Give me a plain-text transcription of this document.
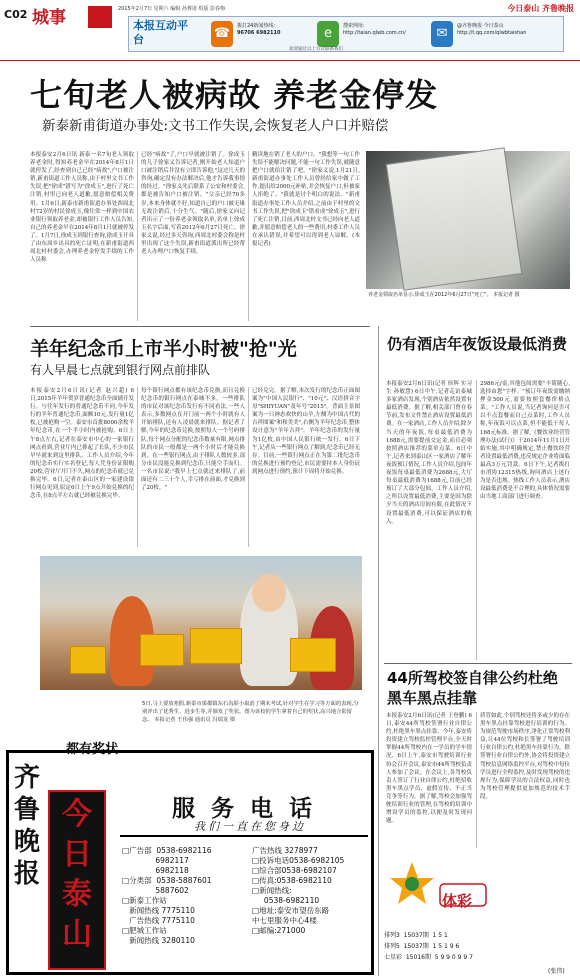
C02 城事	2015年2月7日 星期六 编辑 孙赛诸 组版 彭春梅	今日泰山 齐鲁晚报
本报互动平台	☎	拨打24新闻热线:
96706 6982110	e	搜索网址:
http://taian.qlwb.com.cn/	✉	@齐鲁晚报·今日泰山
http://t.qq.com/qlwbtaishan
欢迎通过以上方式联系我们
七旬老人被病故 养老金停发
新泰新甫街道办事处:文书工作失误,会恢复老人户口并赔偿
本报泰安2月6日讯 新泰一名7旬老人领取养老金时,得知养老金早在2014年8月1日就停发了,经查到自己已经"病故",户口被注销,新甫街道工作人员称,由于村里文书工作失误,把"徐成"错写为"徐成玉",进行了死亡注销,村里已向老人道歉,愿意赔偿相关费用。1月6日,新泰市新甫街道办事处西周北村72岁的村民徐成玉,像往常一样到中国农业银行领取养老金,却被银行工作人员告知,自己的养老金早在2014年8月1日就被停发了。1月7日,徐成玉到银行查询,徐成玉开具了由东周乡出具的死亡证明,在新甫街道西周北村村委会,办理养老金停发手续的工作人员称
已经"病故"了,户口早就被注销了。徐成玉的儿子徐家义告诉记者,刚开始老人知道户口被注销后并没有立即告诉他,"这过几天的咨询,确定没有办法解决后,他才告诉我事情的经过。"徐家义先后联系了公安和村委会,都是被告知户口被注销。"父亲已经70多岁,本来身体就不好,知道自己的户口被无缘无故注销后,十分生气。"随后,徐家义向记者出示了一份养老金领取名单,名单上徐成玉名字后面,写着2012年6月27日死亡。徐家义说,经过多天咨询,西周北村委会称是村里出现了这个失误,新甫街道派出所已经帮老人办理户口恢复手续。
精读地在销了老人的户口。"我想等一句工作失误不能解决问题,不能一句工作失误,就随意把户口就给注销了吧。"徐家义说,1月21日,新甫街道办事处工作人员曾经给家中做了工作,提出给2000元补贴,并会恢复户口,但被家人拒绝了。"我就是讨个明白的说法。"新甫街道办事处工作人员介绍,之前由于村里的文书工作失误,把"徐成玉"错看成"徐成玉",进行了死亡注销,目前,西周北村文书已经向老人道歉,并愿意赔偿老人的一些费用,村委工作人员在承认错误,并希望可以得到老人谅解。(本报记者)
养老金领取名单显示,徐成玉在2012年6月27日"死亡"。 本报记者 摄
羊年纪念币上市半小时被"抢"光
有人早晨七点就到银行网点前排队
本报泰安2月6日讯(记者 赵兴超) 6日,2015年羊年贺岁普通纪念币全面铺开发行。与往年发行的普通纪念币不同,今年发行的羊年普通纪念币,面额10元,发行量1亿枚,已被抢购一空。泰安市首批8000余枚羊年纪念币,在一个半小时内被抢购。6日上午8点左右,记者在泰安市中心的一家银行网点看到,营业厅内已排起了长队,不少市民早早就来到这里排队。工作人员介绍,今年的纪念币实行实名登记,每人凭身份证限购20枚,营业厅开门不久,网点的纪念币就已兑换完毕。6日,记者在泰山区的一家建设银行网点见到,原定6日上午9点开始兑换的纪念币,在8点半左右就已经被兑换完毕。
每个银行网点都有该纪念币兑换,而且兑换纪念币的银行网点在泰城不多。一些排队的市民对该纪念币发行有不同看法,一些人表示,多数网点在开门前一两个小时就有人开始排队,还有人凌晨就来排队。据记者了解,今年的纪念币兑换,按照每人一个号码排队,每个网点分配的纪念币数量有限,网点排队的市民一般都是一两个小时后才能兑换到。在一些银行网点,由于排队人数较多,部分市民没能兑换到纪念币,只能空手而归。一名市民说:"我早上七点就过来排队了,前面还有二三十个人,幸亏排在前面,才兑换到了20枚。"
已经兑完。据了解,本次发行的纪念币正面图案为"中国人民银行"、"10元"、汉语拼音字母"SHIYUAN"及年号"2015"。背面主景图案为一只神态欢快的山羊,左侧为中国古代的吉祥图案"和和美美",右侧为羊年纪念币,整体设计意为"羊年吉祥"。羊年纪念币的发行量为1亿枚,由中国人民银行统一发行。6日下午,记者从一些银行网点了解到,纪念币已经无存。目前,一些银行网点正在为第二批纪念币的兑换进行预约登记,市民需要持本人身份证到网点进行预约,预计下周将开始兑换。
都有奖状
5日,马上要放寒假,新泰市果都镇东石沟联小取消了期末考试,针对学生在学习等方面的表现,分别评出了优秀生、进步生等,并颁发了奖状。图为该校的学生拿着自己的奖状,高兴地合影留念。 本报记者 王伟强 通讯员 冯瑞龙 摄
仍有酒店年夜饭设最低消费
本报泰安2月6日讯(记者 侯辉 实习生 孙敏慧) 6日中午,记者走访泰城多家酒店发现,个别酒店依然设置有最低消费。据了解,相关部门曾在春节前,发布文件禁止酒店设置最低消费。在一家酒店,工作人员介绍,除夕当天的年夜饭,每桌最低消费为1688元,需要提前交定金,而且必须按照酒店推荐的菜单点菜。6日中午,记者来到泰山区一家酒店了解年夜饭预订情况,工作人员介绍,包间年夜饭每桌最低消费为2688元,大厅每桌最低消费为1688元,目前已经预订了大部分包间。工作人员介绍,之所以设置最低消费,主要是因为除夕当天的酒店房间有限,在此情况下设置最低消费,可以保证酒店的收入。
2986元/桌,其他包间需要"丰简随心,选择由您"字样。"预订年夜饭需缴纳押金500元,需要按照套餐价格点菜。"工作人员说,当记者询问是否可以不点套餐而自己点菜时,工作人员称,年夜饭可以点菜,但不能低于每人168元标准。据了解,《餐饮业经营管理办法(试行)》于2014年11月1日开始实施,其中明确规定,禁止餐饮经营者设置最低消费,违反规定企业将面临最高3万元罚款。6日下午,记者拨打市消协12315热线,询问酒店上述行为是否违规。热线工作人员表示,酒店设最低消费是不合理的,具体情况需要由当地工商部门进行调查。
44所驾校签自律公约杜绝黑车黑点挂靠
本报泰安2月6日讯(记者 王登鹏) 6日,泰安44所驾校签署行业自律公约,杜绝黑车黑点挂靠。今年,泰安将投资建立驾校监控管理平台,全天时掌握44所驾校内在一学员的学车情况。6日上午,泰安市驾驶培训行业协会召开会议,泰安市44所驾校负责人参加了会议。在会议上,各驾校负责人签订了行业自律公约,杜绝招收黑车黑点学员、虚假宣传、不正当竞争等行为。据了解,驾校会加强驾驶培训行业的管理,在驾校的培训中增设学员的监控,以便及时发现问题。
质管如此,个别驾校还将多或少的存在黑车黑点挂靠驾校进行培训的行为。为规范驾驶市场秩序,净化正常驾校利益,让44位驾校和长签署了驾驶培训行业自律公约,杜绝黑车挂靠行为。除签署行业自律公约外,协会将投资建立驾校信息网络监控平台,对驾校中每位学员进行全程监控,及时发现驾校的违规行为,保障学员的合法权益,同时也为驾校管理提供更加规范的技术手段。
齐鲁晚报
今日泰山
服务电话
我们一直在您身边
□广告部  0538-6982116
6982117
6982118
□分类部  0538-5887601
5887602
□新泰工作站
新闻热线 7775110
广告热线 7775110
□肥城工作站
新闻热线 3280110
广告热线 3278977
□投诉电话0538-6982105
□综合部0538-6982107
□传真:0538-6982110
□新闻热线:
0538-6982110
□地址:泰安市望岳东路
中七里服务中心4楼
□邮编:271000
体彩
排列3  15037期  1 5 1
排列5  15037期  1 5 1 9 6
七星彩  15016期  5 9 9 0 9 9 7
(张伟)
